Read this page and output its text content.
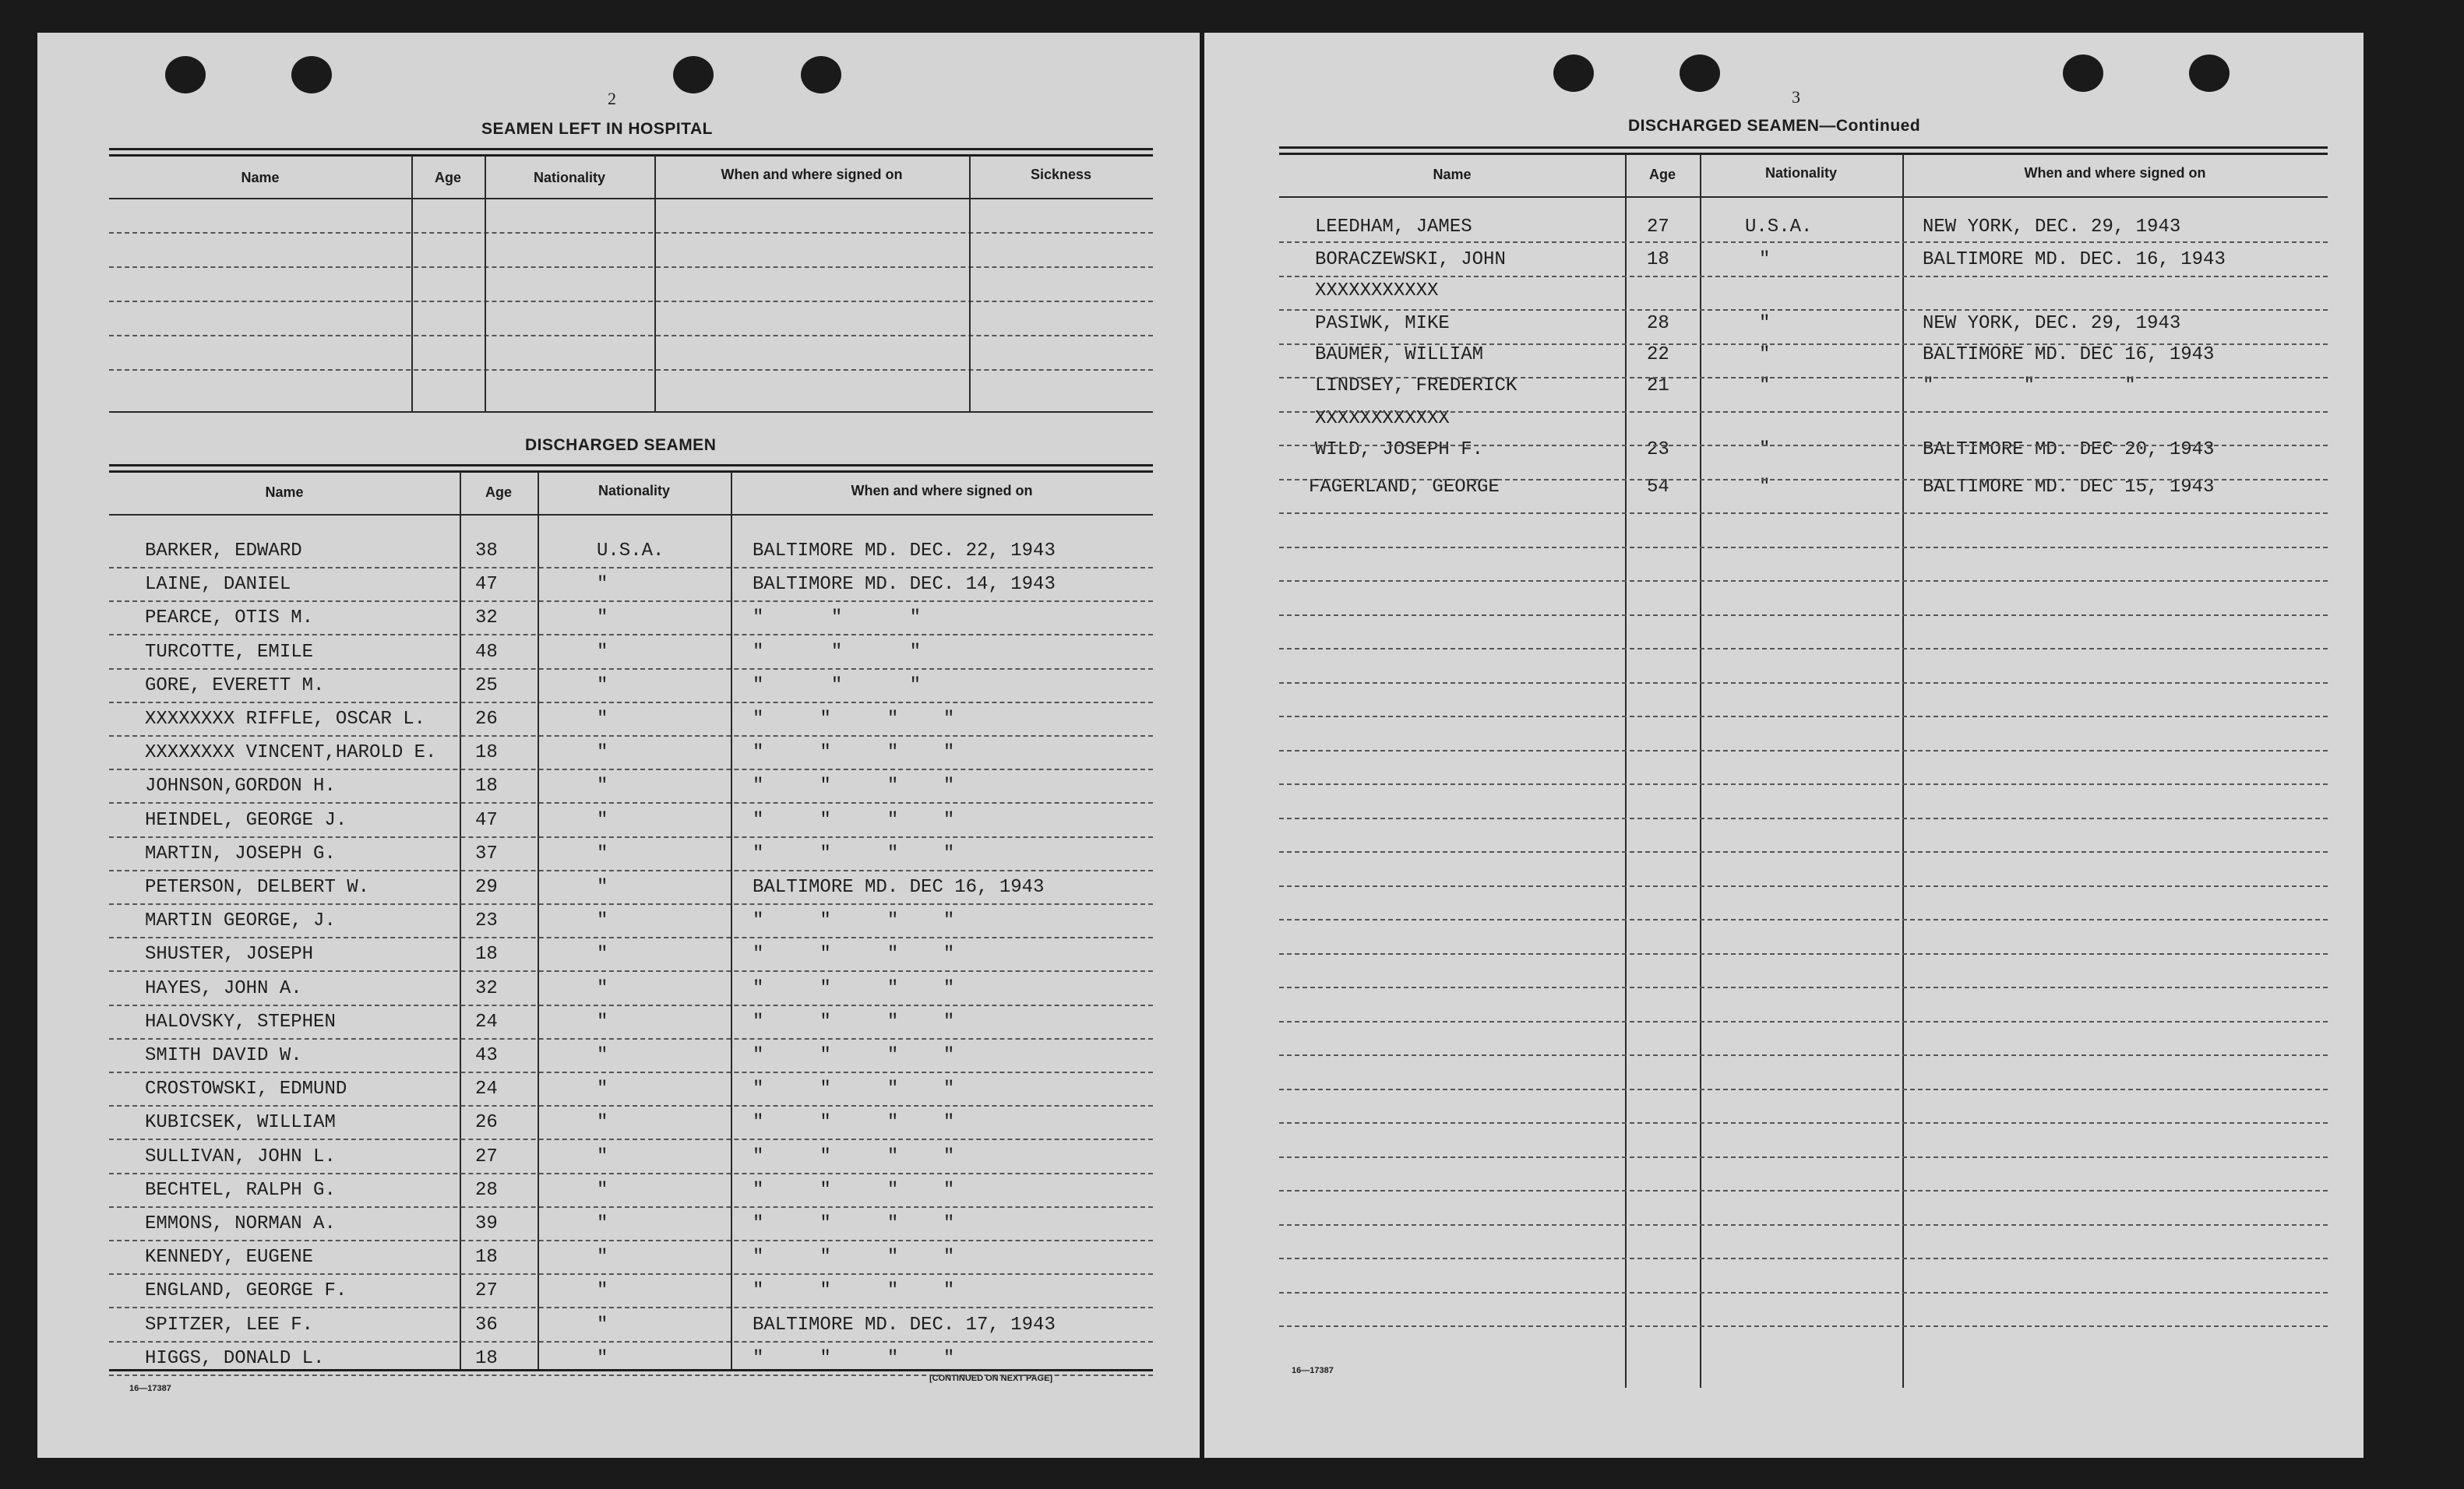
2
SEAMEN LEFT IN HOSPITAL
Name	Age	Nationality	When and where signed on	Sickness
DISCHARGED SEAMEN
Name	Age	Nationality	When and where signed on
16—17387
[CONTINUED ON NEXT PAGE]
BARKER, EDWARD	38	U.S.A.	BALTIMORE MD. DEC. 22, 1943
LAINE, DANIEL	47	"	BALTIMORE MD. DEC. 14, 1943
PEARCE, OTIS M.	32	"	"      "      "
TURCOTTE, EMILE	48	"	"      "      "
GORE, EVERETT M.	25	"	"      "      "
XXXXXXXX RIFFLE, OSCAR L.	26	"	"     "     "    "
XXXXXXXX VINCENT,HAROLD E. 18	"	"     "     "    "
JOHNSON,GORDON H.	18	"	"     "     "    "
HEINDEL, GEORGE J.	47	"	"     "     "    "
MARTIN, JOSEPH G.	37	"	"     "     "    "
PETERSON, DELBERT W.	29	"	BALTIMORE MD. DEC 16, 1943
MARTIN GEORGE, J.	23	"	"     "     "    "
SHUSTER, JOSEPH	18	"	"     "     "    "
HAYES, JOHN A.	32	"	"     "     "    "
HALOVSKY, STEPHEN	24	"	"     "     "    "
SMITH DAVID W.	43	"	"     "     "    "
CROSTOWSKI, EDMUND	24	"	"     "     "    "
KUBICSEK, WILLIAM	26	"	"     "     "    "
SULLIVAN, JOHN L.	27	"	"     "     "    "
BECHTEL, RALPH G.	28	"	"     "     "    "
EMMONS, NORMAN A.	39	"	"     "     "    "
KENNEDY, EUGENE	18	"	"     "     "    "
ENGLAND, GEORGE F.	27	"	"     "     "    "
SPITZER, LEE F.	36	"	BALTIMORE MD. DEC. 17, 1943
HIGGS, DONALD L.	18	"	"     "     "    "
3
DISCHARGED SEAMEN—Continued
Name	Age	Nationality	When and where signed on
16—17387
LEEDHAM, JAMES	27	U.S.A.	NEW YORK, DEC. 29, 1943
BORACZEWSKI, JOHN	18	"	BALTIMORE MD. DEC. 16, 1943
XXXXXXXXXXX
PASIWK, MIKE	28	"	NEW YORK, DEC. 29, 1943
BAUMER, WILLIAM	22	"	BALTIMORE MD. DEC 16, 1943
LINDSEY, FREDERICK	21	"	"        "        "
XXXXXXXXXXXX
WILD, JOSEPH F.	23	"	BALTIMORE MD. DEC 20, 1943
FAGERLAND, GEORGE	54	"	BALTIMORE MD. DEC 15, 1943
